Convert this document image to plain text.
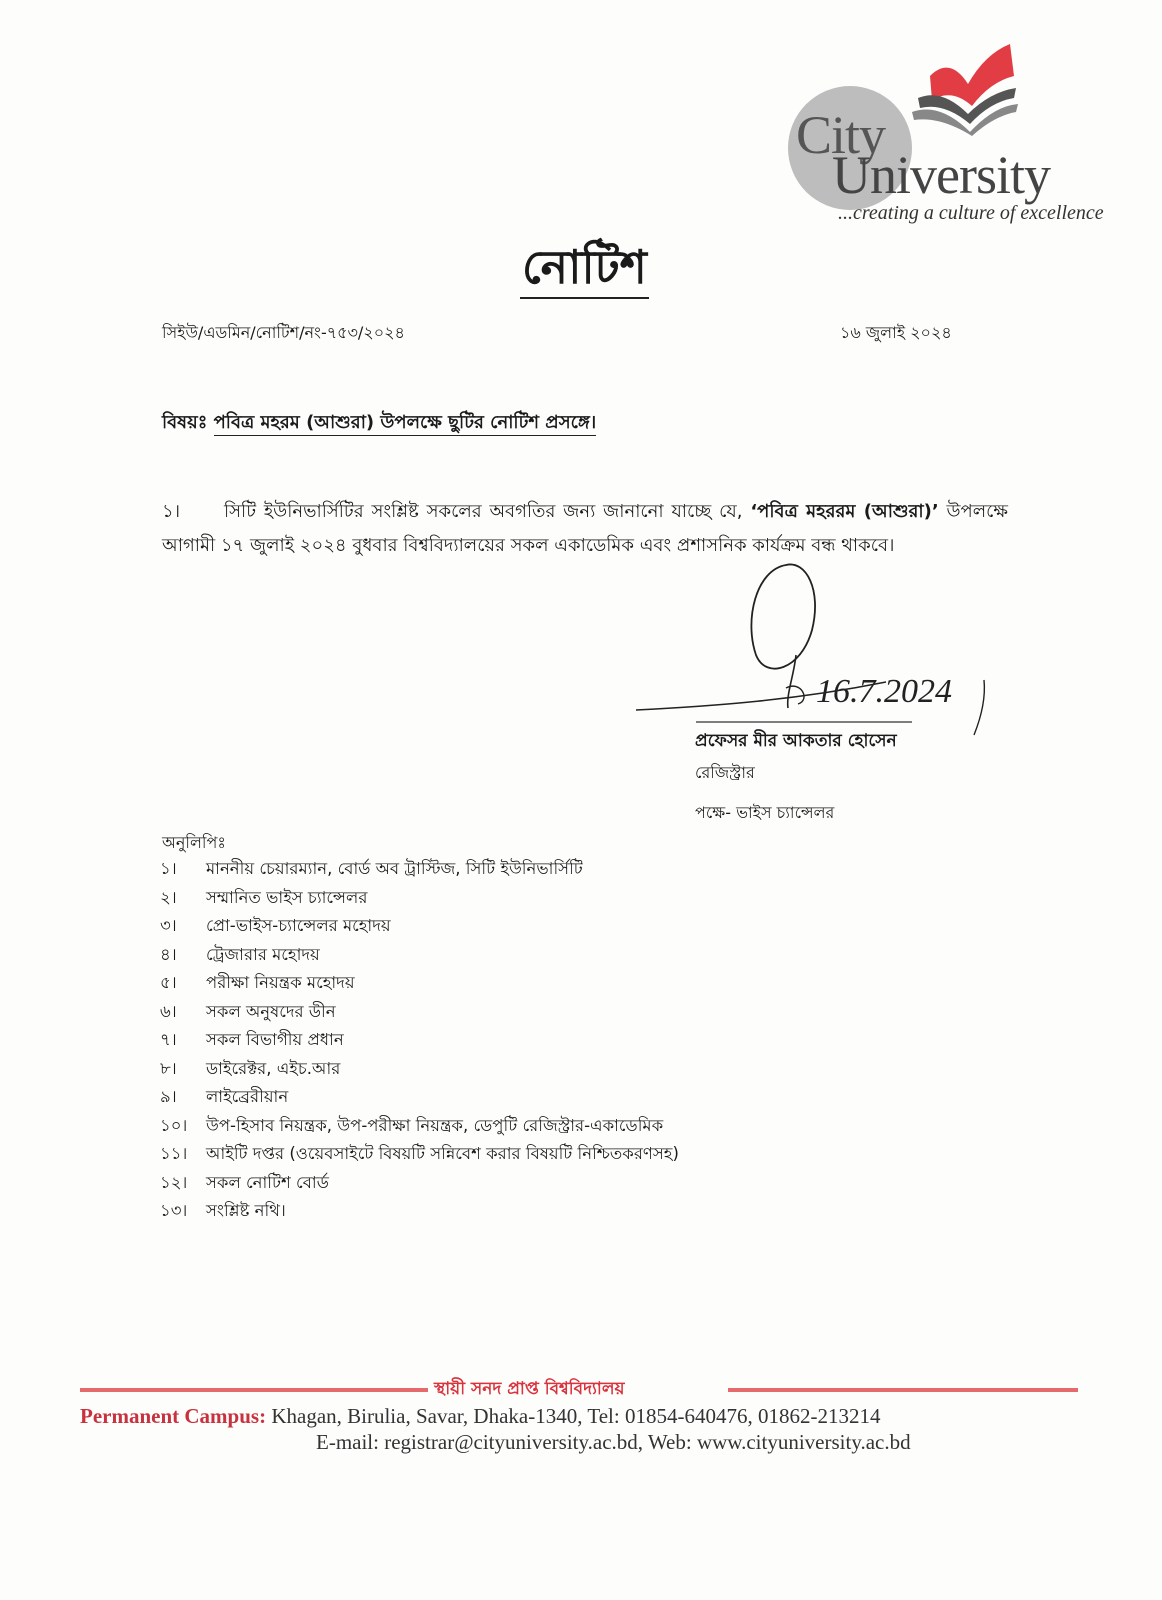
City
University
...creating a culture of excellence
নোটিশ
সিইউ/এডমিন/নোটিশ/নং-৭৫৩/২০২৪	১৬ জুলাই ২০২৪
বিষয়ঃ পবিত্র মহরম (আশুরা) উপলক্ষে ছুটির নোটিশ প্রসঙ্গে।
১। সিটি ইউনিভার্সিটির সংশ্লিষ্ট সকলের অবগতির জন্য জানানো যাচ্ছে যে, ‘পবিত্র মহররম (আশুরা)’ উপলক্ষে আগামী ১৭ জুলাই ২০২৪ বুধবার বিশ্ববিদ্যালয়ের সকল একাডেমিক এবং প্রশাসনিক কার্যক্রম বন্ধ থাকবে।
16.7.2024
প্রফেসর মীর আকতার হোসেন
রেজিস্ট্রার
পক্ষে- ভাইস চ্যান্সেলর
অনুলিপিঃ
১। মাননীয় চেয়ারম্যান, বোর্ড অব ট্রাস্টিজ, সিটি ইউনিভার্সিটি
২। সম্মানিত ভাইস চ্যান্সেলর
৩। প্রো-ভাইস-চ্যান্সেলর মহোদয়
৪। ট্রেজারার মহোদয়
৫। পরীক্ষা নিয়ন্ত্রক মহোদয়
৬। সকল অনুষদের ডীন
৭। সকল বিভাগীয় প্রধান
৮। ডাইরেক্টর, এইচ.আর
৯। লাইব্রেরীয়ান
১০। উপ-হিসাব নিয়ন্ত্রক, উপ-পরীক্ষা নিয়ন্ত্রক, ডেপুটি রেজিস্ট্রার-একাডেমিক
১১। আইটি দপ্তর (ওয়েবসাইটে বিষয়টি সন্নিবেশ করার বিষয়টি নিশ্চিতকরণসহ)
১২। সকল নোটিশ বোর্ড
১৩। সংশ্লিষ্ট নথি।
স্থায়ী সনদ প্রাপ্ত বিশ্ববিদ্যালয়
Permanent Campus: Khagan, Birulia, Savar, Dhaka-1340, Tel: 01854-640476, 01862-213214
E-mail: registrar@cityuniversity.ac.bd, Web: www.cityuniversity.ac.bd
